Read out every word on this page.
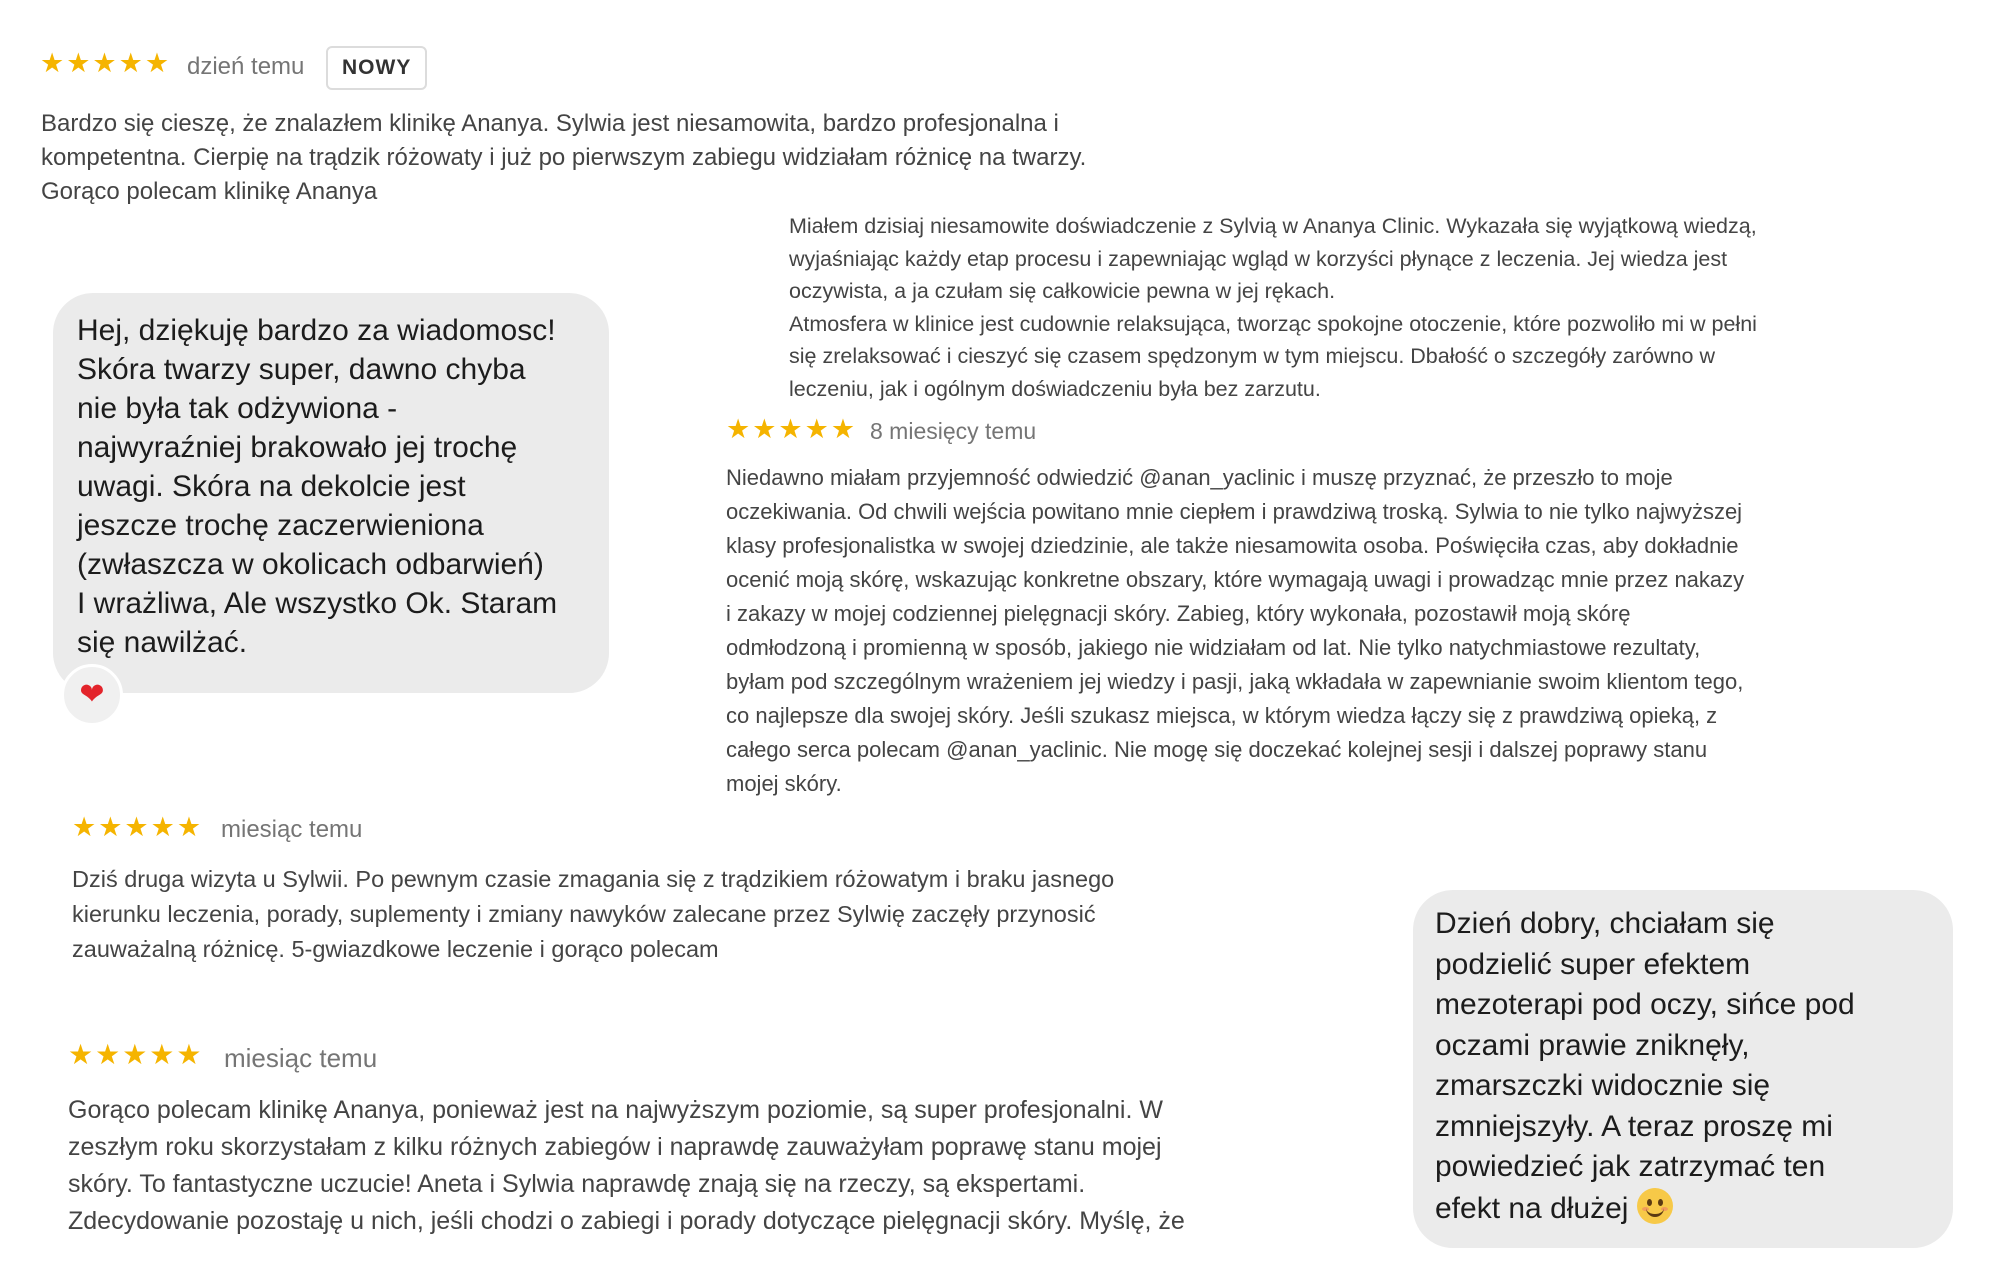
★★★★★ dzień temu	NOWY
Bardzo się cieszę, że znalazłem klinikę Ananya. Sylwia jest niesamowita, bardzo profesjonalna i
kompetentna. Cierpię na trądzik różowaty i już po pierwszym zabiegu widziałam różnicę na twarzy.
Gorąco polecam klinikę Ananya
Miałem dzisiaj niesamowite doświadczenie z Sylvią w Ananya Clinic. Wykazała się wyjątkową wiedzą,
wyjaśniając każdy etap procesu i zapewniając wgląd w korzyści płynące z leczenia. Jej wiedza jest
oczywista, a ja czułam się całkowicie pewna w jej rękach.
Atmosfera w klinice jest cudownie relaksująca, tworząc spokojne otoczenie, które pozwoliło mi w pełni
się zrelaksować i cieszyć się czasem spędzonym w tym miejscu. Dbałość o szczegóły zarówno w
leczeniu, jak i ogólnym doświadczeniu była bez zarzutu.
Hej, dziękuję bardzo za wiadomosc!
Skóra twarzy super, dawno chyba
nie była tak odżywiona -
najwyraźniej brakowało jej trochę
uwagi. Skóra na dekolcie jest
jeszcze trochę zaczerwieniona
(zwłaszcza w okolicach odbarwień)
I wrażliwa, Ale wszystko Ok. Staram
się nawilżać.
❤
★★★★★ 8 miesięcy temu
Niedawno miałam przyjemność odwiedzić @anan_yaclinic i muszę przyznać, że przeszło to moje
oczekiwania. Od chwili wejścia powitano mnie ciepłem i prawdziwą troską. Sylwia to nie tylko najwyższej
klasy profesjonalistka w swojej dziedzinie, ale także niesamowita osoba. Poświęciła czas, aby dokładnie
ocenić moją skórę, wskazując konkretne obszary, które wymagają uwagi i prowadząc mnie przez nakazy
i zakazy w mojej codziennej pielęgnacji skóry. Zabieg, który wykonała, pozostawił moją skórę
odmłodzoną i promienną w sposób, jakiego nie widziałam od lat. Nie tylko natychmiastowe rezultaty,
byłam pod szczególnym wrażeniem jej wiedzy i pasji, jaką wkładała w zapewnianie swoim klientom tego,
co najlepsze dla swojej skóry. Jeśli szukasz miejsca, w którym wiedza łączy się z prawdziwą opieką, z
całego serca polecam @anan_yaclinic. Nie mogę się doczekać kolejnej sesji i dalszej poprawy stanu
mojej skóry.
★★★★★ miesiąc temu
Dziś druga wizyta u Sylwii. Po pewnym czasie zmagania się z trądzikiem różowatym i braku jasnego
kierunku leczenia, porady, suplementy i zmiany nawyków zalecane przez Sylwię zaczęły przynosić
zauważalną różnicę. 5-gwiazdkowe leczenie i gorąco polecam
★★★★★ miesiąc temu
Gorąco polecam klinikę Ananya, ponieważ jest na najwyższym poziomie, są super profesjonalni. W
zeszłym roku skorzystałam z kilku różnych zabiegów i naprawdę zauważyłam poprawę stanu mojej
skóry. To fantastyczne uczucie! Aneta i Sylwia naprawdę znają się na rzeczy, są ekspertami.
Zdecydowanie pozostaję u nich, jeśli chodzi o zabiegi i porady dotyczące pielęgnacji skóry. Myślę, że
Dzień dobry, chciałam się
podzielić super efektem
mezoterapi pod oczy, sińce pod
oczami prawie zniknęły,
zmarszczki widocznie się
zmniejszyły. A teraz proszę mi
powiedzieć jak zatrzymać ten
efekt na dłużej
